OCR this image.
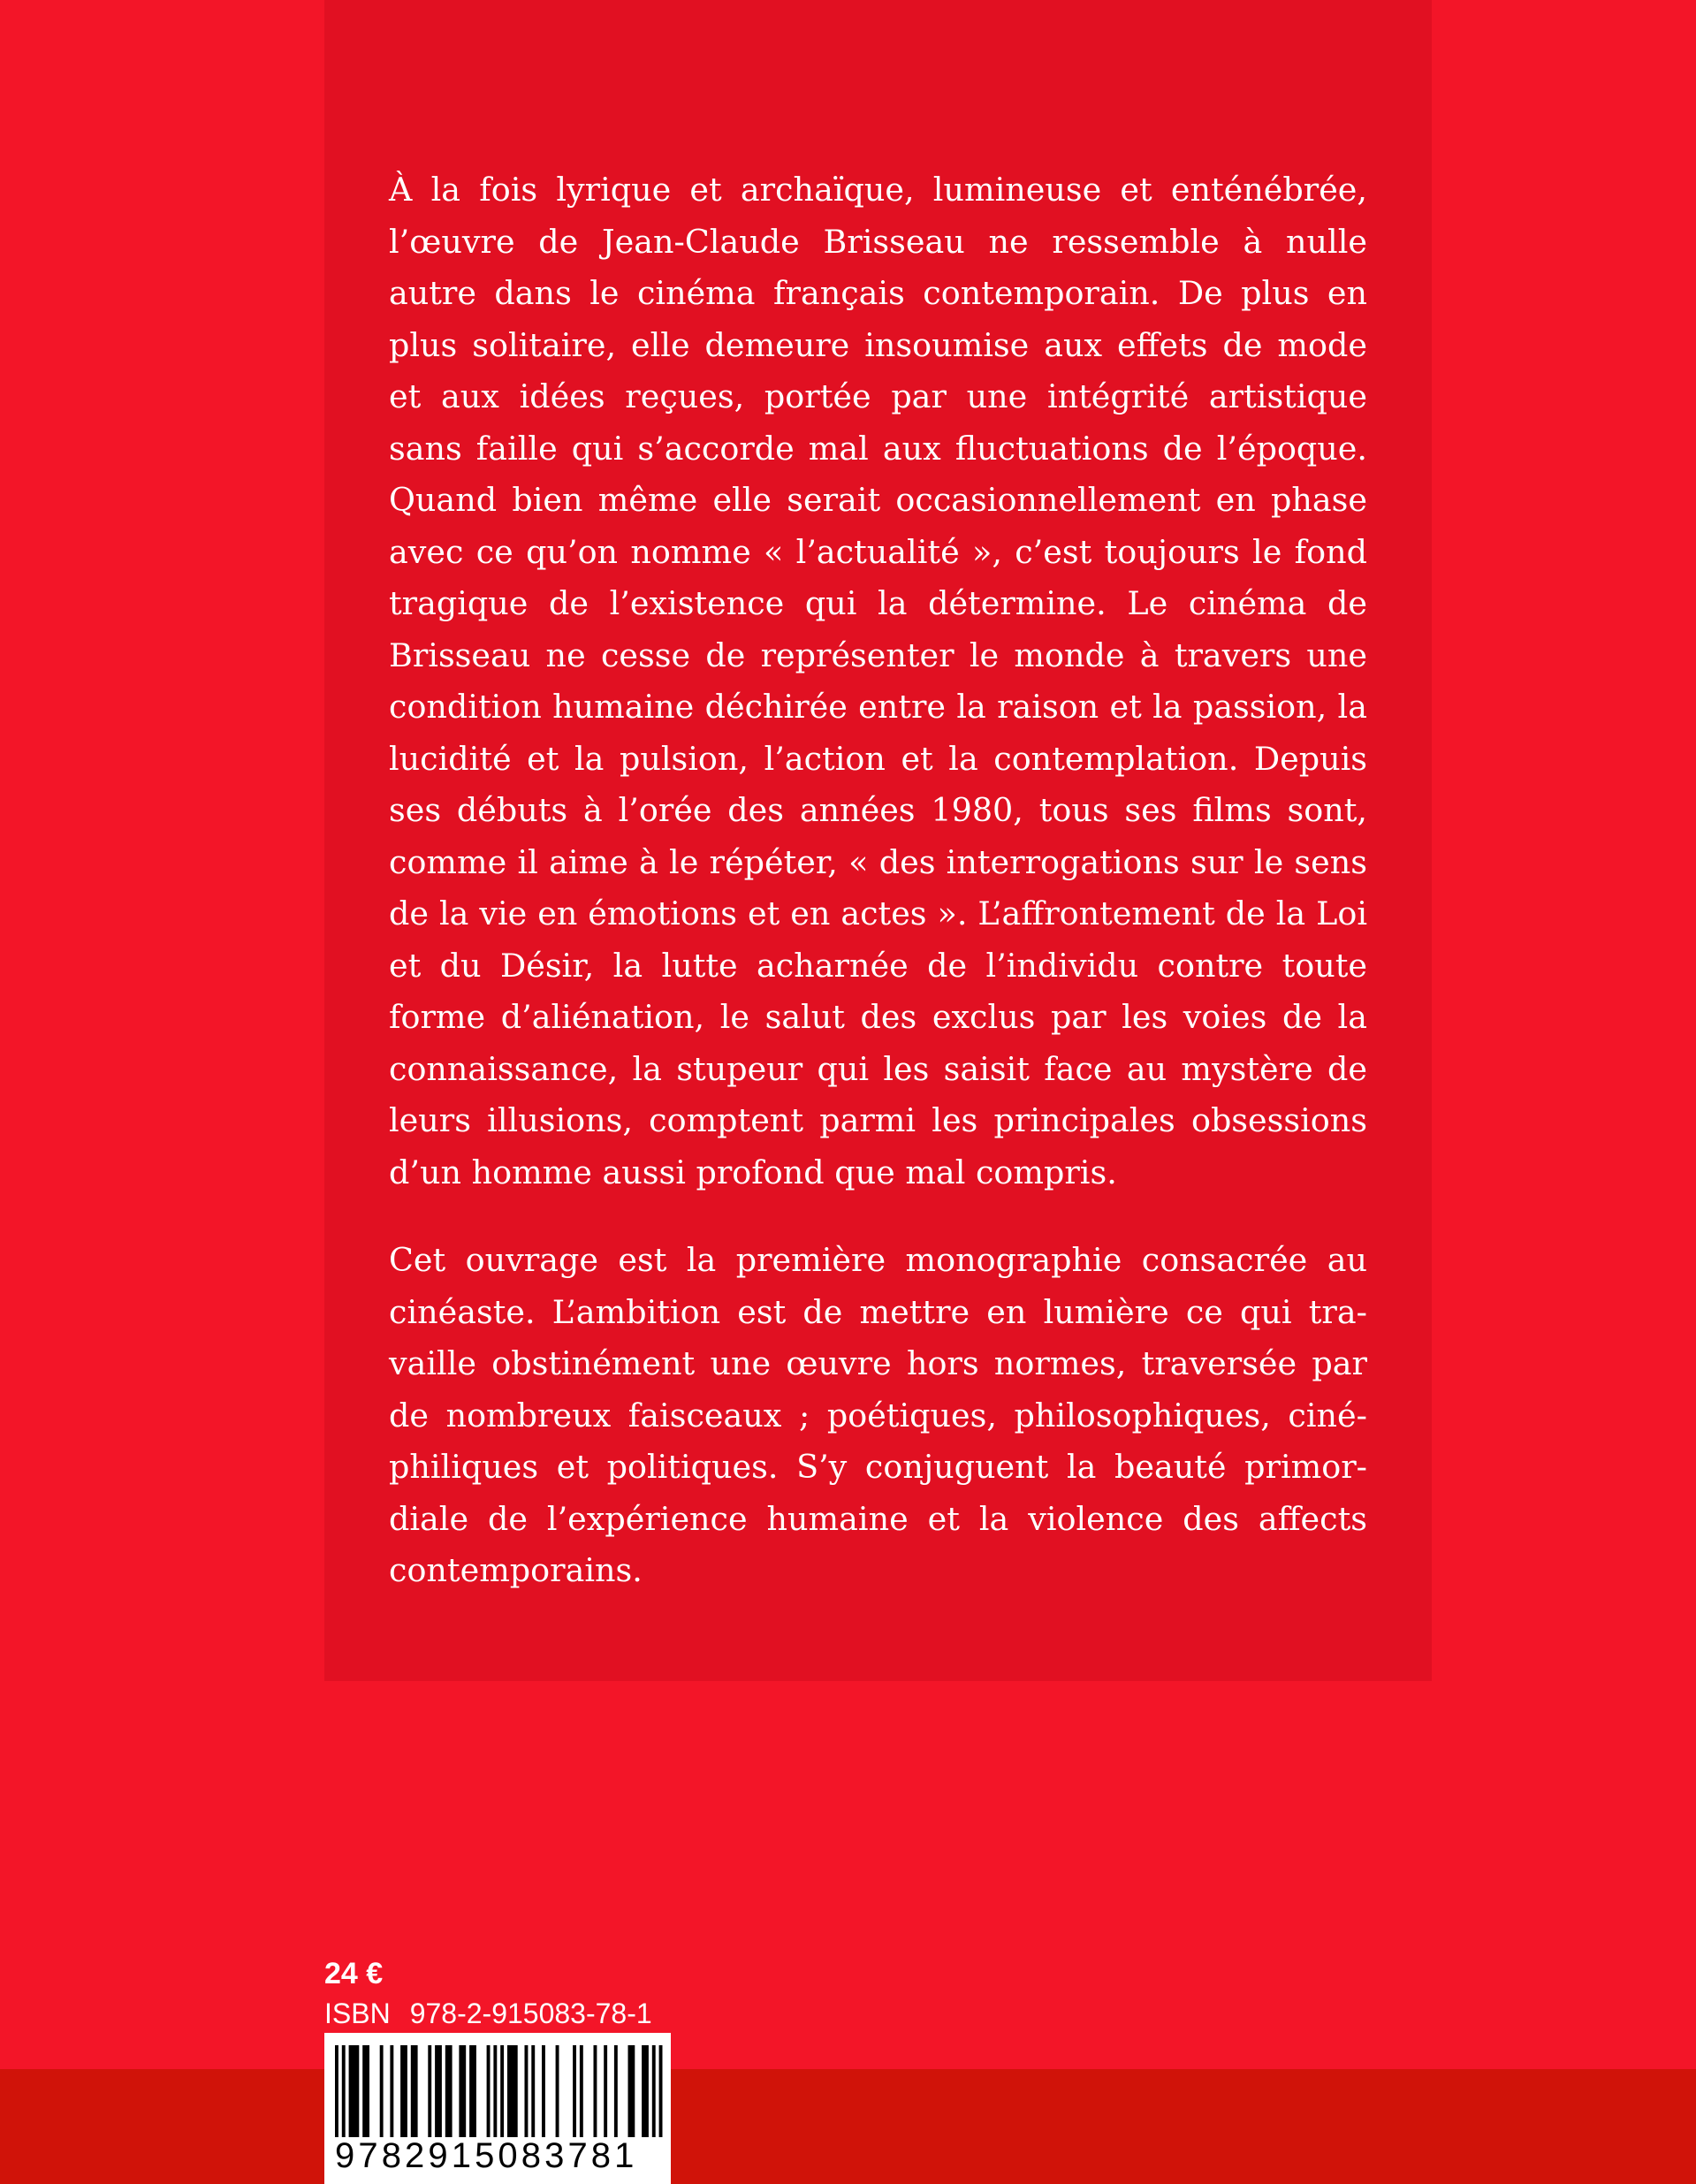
À la fois lyrique et archaïque, lumineuse et enténébrée, l’œuvre de Jean-Claude Brisseau ne ressemble à nulle autre dans le cinéma français contemporain. De plus en plus solitaire, elle demeure insoumise aux effets de mode et aux idées reçues, portée par une intégrité artistique sans faille qui s’accorde mal aux fluctuations de l’époque. Quand bien même elle serait occasionnellement en phase avec ce qu’on nomme « l’actualité », c’est toujours le fond tragique de l’existence qui la détermine. Le cinéma de Brisseau ne cesse de représenter le monde à travers une condition humaine déchirée entre la raison et la passion, la lucidité et la pulsion, l’action et la contemplation. Depuis ses débuts à l’orée des années 1980, tous ses films sont, comme il aime à le répéter, « des interrogations sur le sens de la vie en émotions et en actes ». L’affrontement de la Loi et du Désir, la lutte acharnée de l’individu contre toute forme d’aliénation, le salut des exclus par les voies de la connaissance, la stupeur qui les saisit face au mystère de leurs illusions, comptent parmi les principales obsessions d’un homme aussi profond que mal compris.

Cet ouvrage est la première monographie consacrée au cinéaste. L’ambition est de mettre en lumière ce qui travaille obstinément une œuvre hors normes, traversée par de nombreux faisceaux ; poétiques, philosophiques, cinéphiliques et politiques. S’y conjuguent la beauté primordiale de l’expérience humaine et la violence des affects contemporains.

24 €
ISBN 978-2-915083-78-1
9782915083781
